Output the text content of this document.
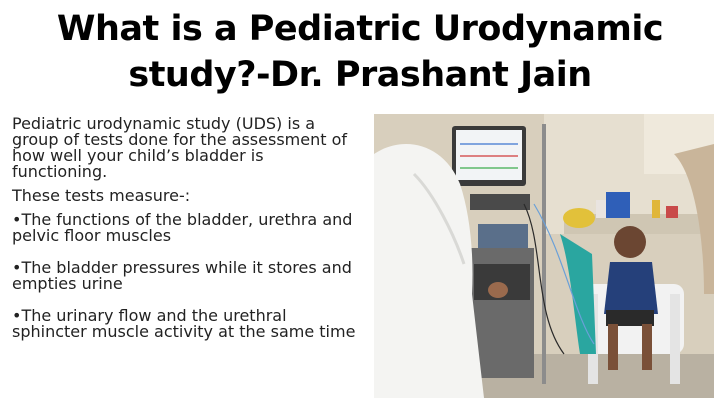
What is a Pediatric Urodynamic
study?-Dr. Prashant Jain

Pediatric urodynamic study (UDS) is a group of tests done for the assessment of how well your child’s bladder is functioning.

These tests measure-:

•The functions of the bladder, urethra and pelvic floor muscles

•The bladder pressures while it stores and empties urine

•The urinary flow and the urethral sphincter muscle activity at the same time
